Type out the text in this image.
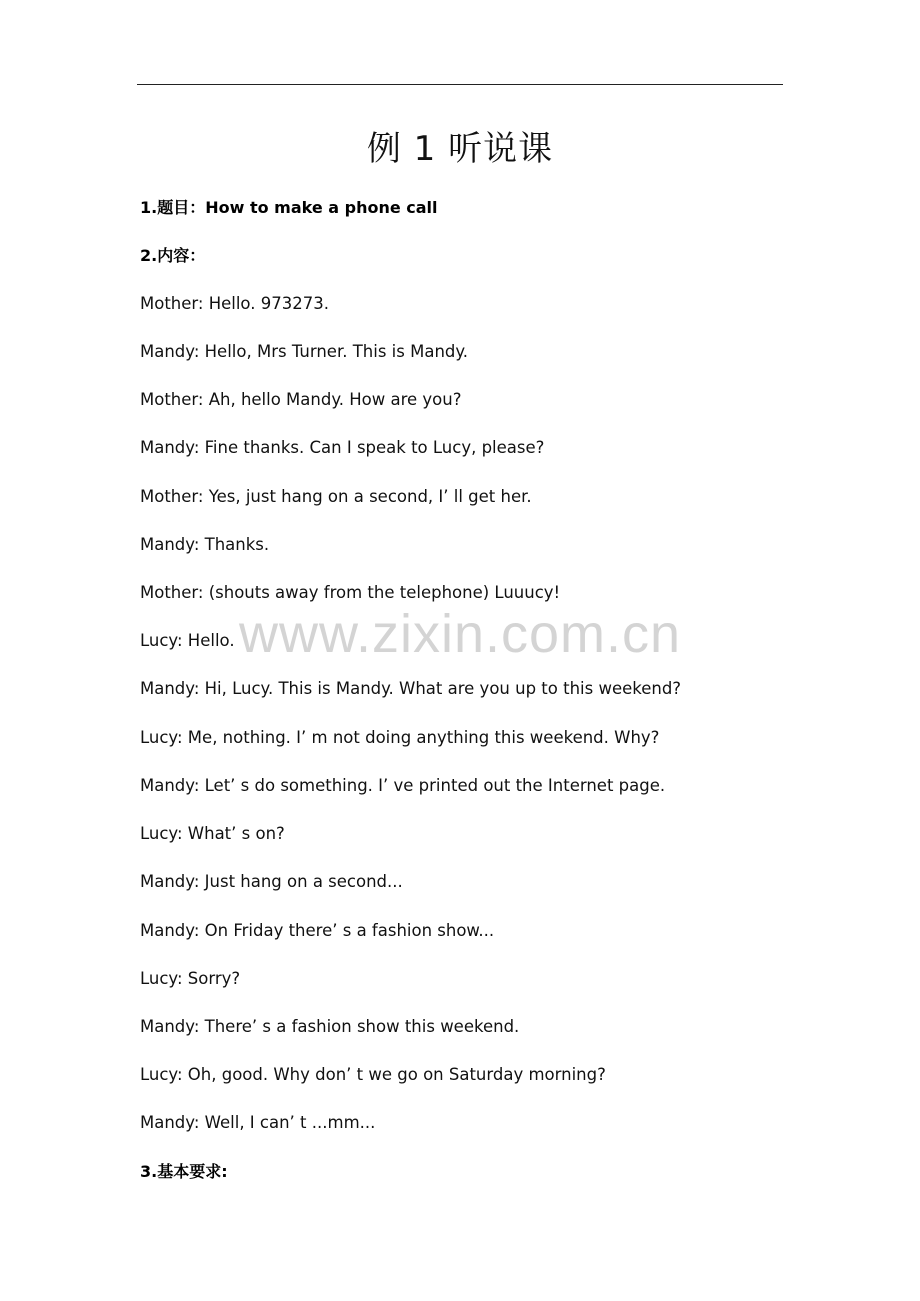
例 1 听说课
1.题目：How to make a phone call
2.内容：
Mother: Hello. 973273.
Mandy: Hello, Mrs Turner. This is Mandy.
Mother: Ah, hello Mandy. How are you?
Mandy: Fine thanks. Can I speak to Lucy, please?
Mother: Yes, just hang on a second, I’ ll get her.
Mandy: Thanks.
Mother: (shouts away from the telephone) Luuucy!
Lucy: Hello.
Mandy: Hi, Lucy. This is Mandy. What are you up to this weekend?
Lucy: Me, nothing. I’ m not doing anything this weekend. Why?
Mandy: Let’ s do something. I’ ve printed out the Internet page.
Lucy: What’ s on?
Mandy: Just hang on a second...
Mandy: On Friday there’ s a fashion show...
Lucy: Sorry?
Mandy: There’ s a fashion show this weekend.
Lucy: Oh, good. Why don’ t we go on Saturday morning?
Mandy: Well, I can’ t ...mm...
3.基本要求:
www.zixin.com.cn
